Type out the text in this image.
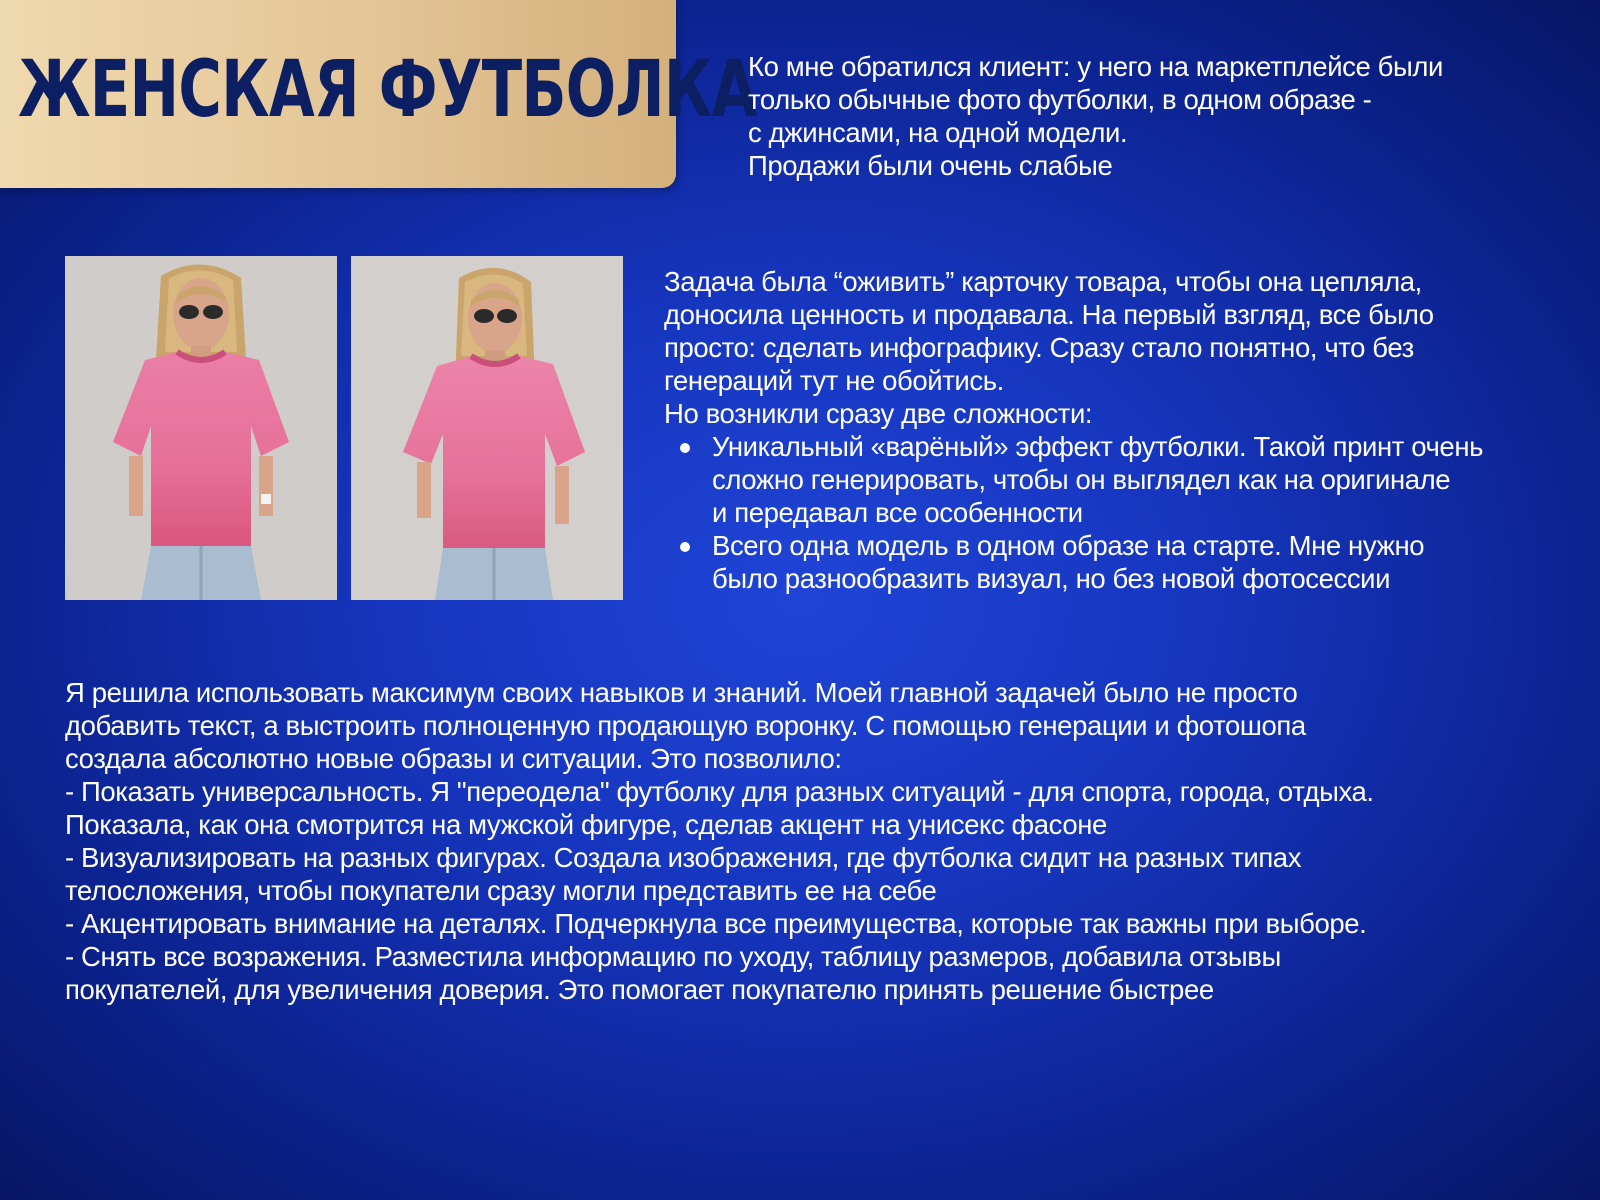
ЖЕНСКАЯ ФУТБОЛКА
Ко мне обратился клиент: у него на маркетплейсе были
только обычные фото футболки, в одном образе -
с джинсами, на одной модели.
Продажи были очень слабые
Задача была “оживить” карточку товара, чтобы она цепляла,
доносила ценность и продавала. На первый взгляд, все было
просто: сделать инфографику. Сразу стало понятно, что без
генераций тут не обойтись.
Но возникли сразу две сложности:
Уникальный «варёный» эффект футболки. Такой принт очень
сложно генерировать, чтобы он выглядел как на оригинале
и передавал все особенности
Всего одна модель в одном образе на старте. Мне нужно
было разнообразить визуал, но без новой фотосессии
Я решила использовать максимум своих навыков и знаний. Моей главной задачей было не просто
добавить текст, а выстроить полноценную продающую воронку. С помощью генерации и фотошопа
создала абсолютно новые образы и ситуации. Это позволило:
- Показать универсальность. Я "переодела" футболку для разных ситуаций - для спорта, города, отдыха.
Показала, как она смотрится на мужской фигуре, сделав акцент на унисекс фасоне
- Визуализировать на разных фигурах. Создала изображения, где футболка сидит на разных типах
телосложения, чтобы покупатели сразу могли представить ее на себе
- Акцентировать внимание на деталях. Подчеркнула все преимущества, которые так важны при выборе.
- Снять все возражения. Разместила информацию по уходу, таблицу размеров, добавила отзывы
покупателей, для увеличения доверия. Это помогает покупателю принять решение быстрее
